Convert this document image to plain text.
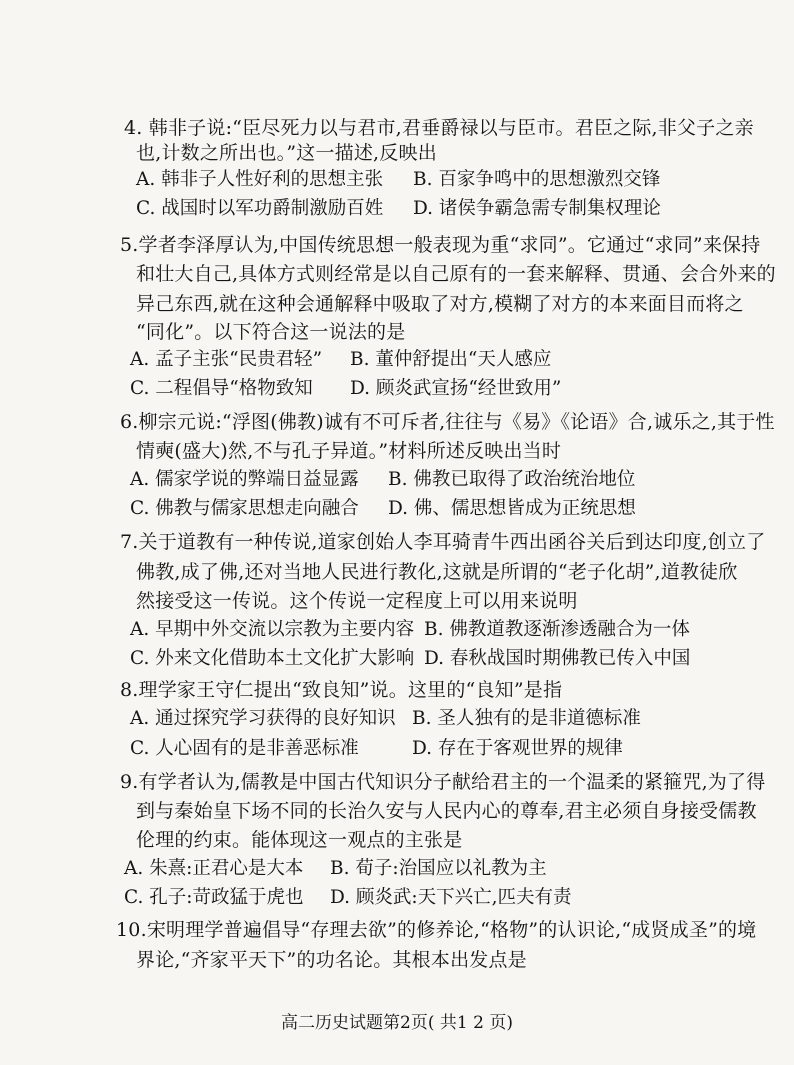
4. 韩非子说:“臣尽死力以与君市,君垂爵禄以与臣市。君臣之际,非父子之亲
也,计数之所出也。”这一描述,反映出
A. 韩非子人性好利的思想主张 B. 百家争鸣中的思想激烈交锋
C. 战国时以军功爵制激励百姓 D. 诸侯争霸急需专制集权理论
5.学者李泽厚认为,中国传统思想一般表现为重“求同”。它通过“求同”来保持
和壮大自己,具体方式则经常是以自己原有的一套来解释、贯通、会合外来的
异己东西,就在这种会通解释中吸取了对方,模糊了对方的本来面目而将之
“同化”。以下符合这一说法的是
A. 孟子主张“民贵君轻” B. 董仲舒提出“天人感应
C. 二程倡导“格物致知 D. 顾炎武宣扬“经世致用”
6.柳宗元说:“浮图(佛教)诚有不可斥者,往往与《易》《论语》合,诚乐之,其于性
情奭(盛大)然,不与孔子异道。”材料所述反映出当时
A. 儒家学说的弊端日益显露 B. 佛教已取得了政治统治地位
C. 佛教与儒家思想走向融合 D. 佛、儒思想皆成为正统思想
7.关于道教有一种传说,道家创始人李耳骑青牛西出函谷关后到达印度,创立了
佛教,成了佛,还对当地人民进行教化,这就是所谓的“老子化胡”,道教徒欣
然接受这一传说。这个传说一定程度上可以用来说明
A. 早期中外交流以宗教为主要内容 B. 佛教道教逐渐渗透融合为一体
C. 外来文化借助本土文化扩大影响 D. 春秋战国时期佛教已传入中国
8.理学家王守仁提出“致良知”说。这里的“良知”是指
A. 通过探究学习获得的良好知识 B. 圣人独有的是非道德标准
C. 人心固有的是非善恶标准	D. 存在于客观世界的规律
9.有学者认为,儒教是中国古代知识分子献给君主的一个温柔的紧箍咒,为了得
到与秦始皇下场不同的长治久安与人民内心的尊奉,君主必须自身接受儒教
伦理的约束。能体现这一观点的主张是
A. 朱熹:正君心是大本 B. 荀子:治国应以礼教为主
C. 孔子:苛政猛于虎也 D. 顾炎武:天下兴亡,匹夫有责
10.宋明理学普遍倡导“存理去欲”的修养论,“格物”的认识论,“成贤成圣”的境
界论,“齐家平天下”的功名论。其根本出发点是
高二历史试题第2页( 共1 2 页)
